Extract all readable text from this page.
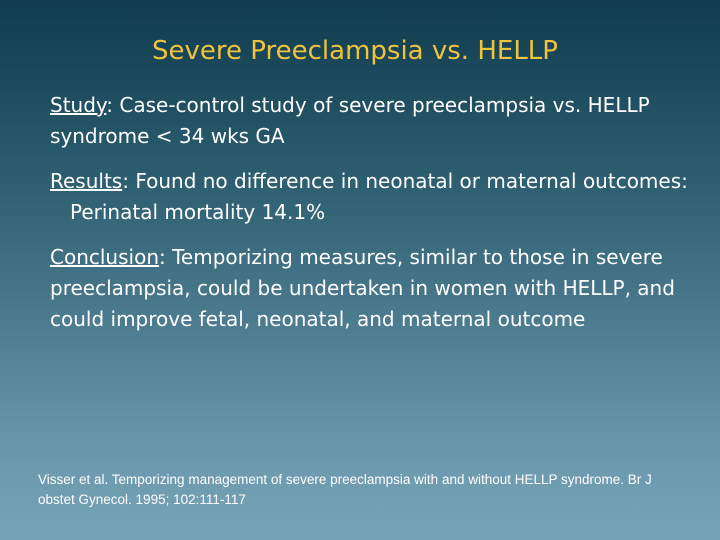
Severe Preeclampsia vs. HELLP

Study: Case-control study of severe preeclampsia vs. HELLP syndrome < 34 wks GA

Results: Found no difference in neonatal or maternal outcomes:Perinatal mortality 14.1%

Conclusion: Temporizing measures, similar to those in severe preeclampsia, could be undertaken in women with HELLP, and could improve fetal, neonatal, and maternal outcome

Visser et al. Temporizing management of severe preeclampsia with and without HELLP syndrome. Br J obstet Gynecol. 1995; 102:111-117
